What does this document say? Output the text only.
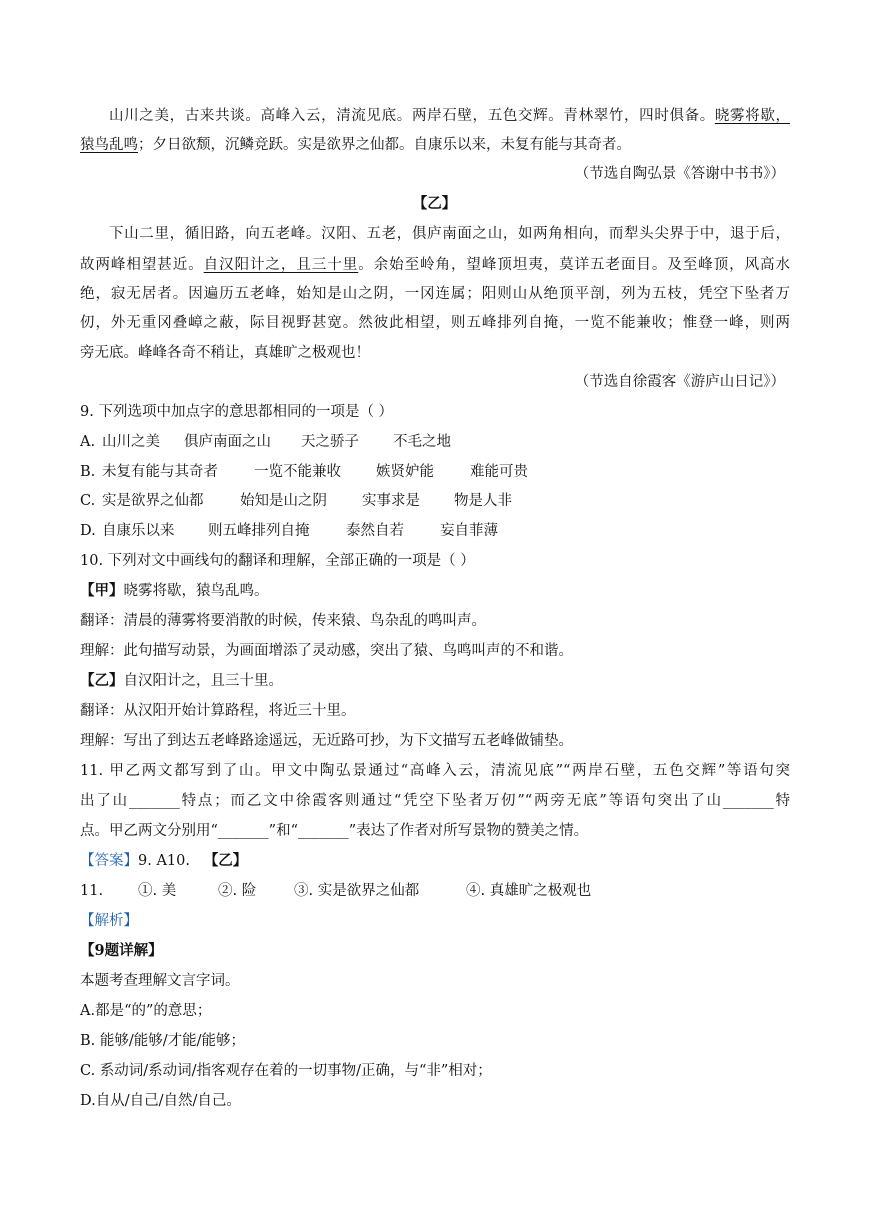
山川之美，古来共谈。高峰入云，清流见底。两岸石壁，五色交辉。青林翠竹，四时俱备。晓雾将歇，
猿鸟乱鸣；夕日欲颓，沉鳞竞跃。实是欲界之仙都。自康乐以来，未复有能与其奇者。
（节选自陶弘景《答谢中书书》）
【乙】
下山二里，循旧路，向五老峰。汉阳、五老，俱庐南面之山，如两角相向，而犁头尖界于中，退于后，
故两峰相望甚近。自汉阳计之，且三十里。余始至岭角，望峰顶坦夷，莫详五老面目。及至峰顶，风高水
绝，寂无居者。因遍历五老峰，始知是山之阴，一冈连属；阳则山从绝顶平剖，列为五枝，凭空下坠者万
仞，外无重冈叠嶂之蔽，际目视野甚宽。然彼此相望，则五峰排列自掩，一览不能兼收；惟登一峰，则两
旁无底。峰峰各奇不稍让，真雄旷之极观也！
（节选自徐霞客《游庐山日记》）
9. 下列选项中加点字的意思都相同的一项是（ ）
A. 山川之美 俱庐南面之山 天之骄子 不毛之地
B. 未复有能与其奇者 一览不能兼收 嫉贤妒能 难能可贵
C. 实是欲界之仙都	始知是山之阴 实事求是 物是人非
D. 自康乐以来 则五峰排列自掩	泰然自若 妄自菲薄
10. 下列对文中画线句的翻译和理解，全部正确的一项是（ ）
【甲】晓雾将歇，猿鸟乱鸣。
翻译：清晨的薄雾将要消散的时候，传来猿、鸟杂乱的鸣叫声。
理解：此句描写动景，为画面增添了灵动感，突出了猿、鸟鸣叫声的不和谐。
【乙】自汉阳计之，且三十里。
翻译：从汉阳开始计算路程，将近三十里。
理解：写出了到达五老峰路途遥远，无近路可抄，为下文描写五老峰做铺垫。
11. 甲乙两文都写到了山。甲文中陶弘景通过“高峰入云，清流见底”“两岸石壁，五色交辉”等语句突
出了山_______特点；而乙文中徐霞客则通过“凭空下坠者万仞”“两旁无底”等语句突出了山_______特
点。甲乙两文分别用“_______”和“_______”表达了作者对所写景物的赞美之情。
【答案】9. A10.   【乙】
11. ①. 美	②. 险	③. 实是欲界之仙都	④. 真雄旷之极观也
【解析】
【9题详解】
本题考查理解文言字词。
A.都是“的”的意思；
B. 能够/能够/才能/能够；
C. 系动词/系动词/指客观存在着的一切事物/正确，与“非”相对；
D.自从/自己/自然/自己。
